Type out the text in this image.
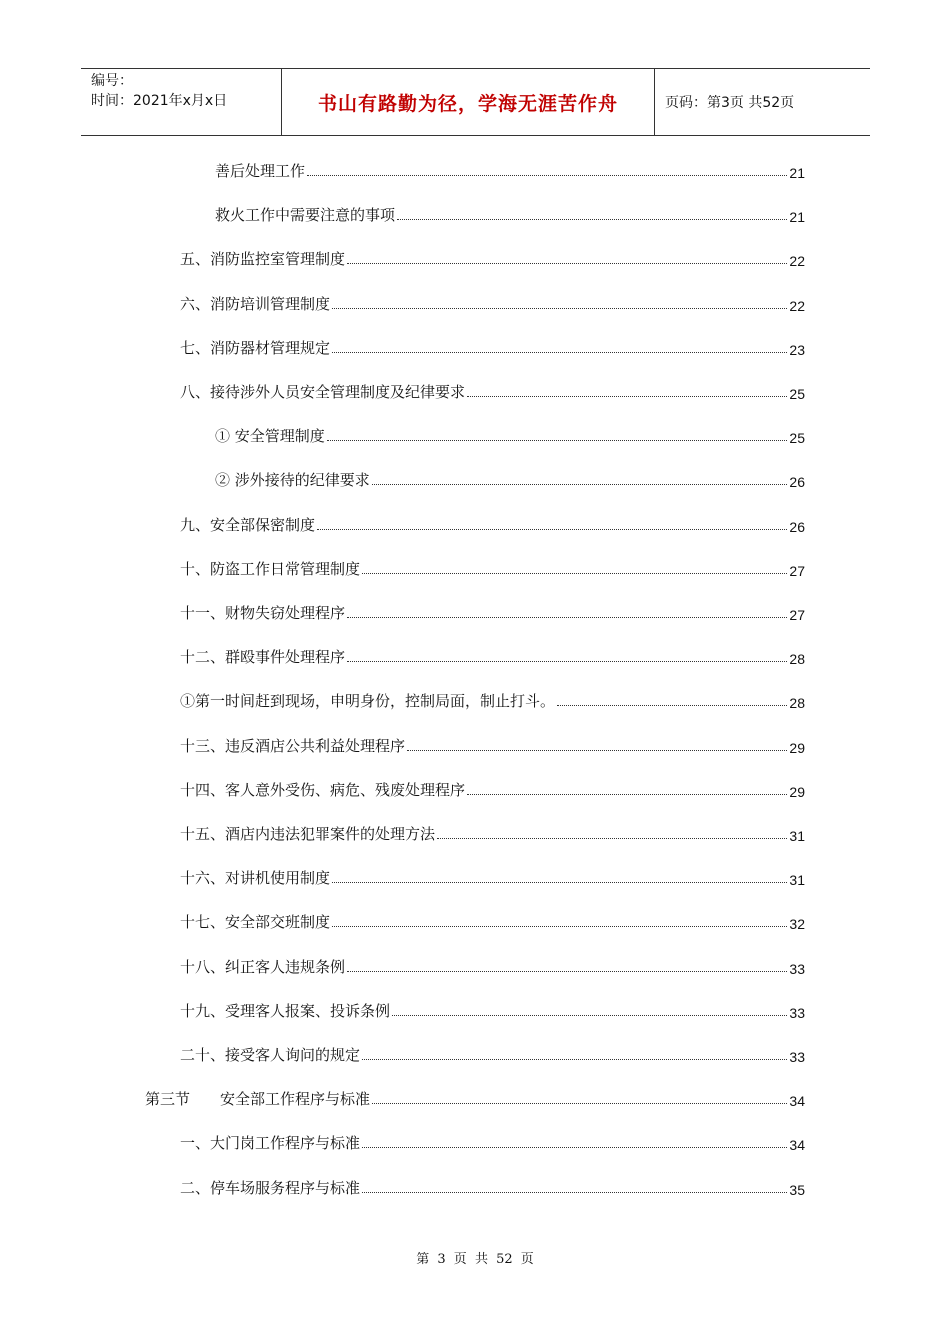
编号：
时间：2021年x月x日	书山有路勤为径，学海无涯苦作舟	页码：第3页 共52页
善后处理工作	21
救火工作中需要注意的事项	21
五、消防监控室管理制度	22
六、消防培训管理制度	22
七、消防器材管理规定	23
八、接待涉外人员安全管理制度及纪律要求	25
① 安全管理制度	25
② 涉外接待的纪律要求	26
九、安全部保密制度	26
十、防盗工作日常管理制度	27
十一、财物失窃处理程序	27
十二、群殴事件处理程序	28
①第一时间赶到现场，申明身份，控制局面，制止打斗。	28
十三、违反酒店公共利益处理程序	29
十四、客人意外受伤、病危、残废处理程序	29
十五、酒店内违法犯罪案件的处理方法	31
十六、对讲机使用制度	31
十七、安全部交班制度	32
十八、纠正客人违规条例	33
十九、受理客人报案、投诉条例	33
二十、接受客人询问的规定	33
第三节　　安全部工作程序与标准	34
一、大门岗工作程序与标准	34
二、停车场服务程序与标准	35
第 3 页 共 52 页
